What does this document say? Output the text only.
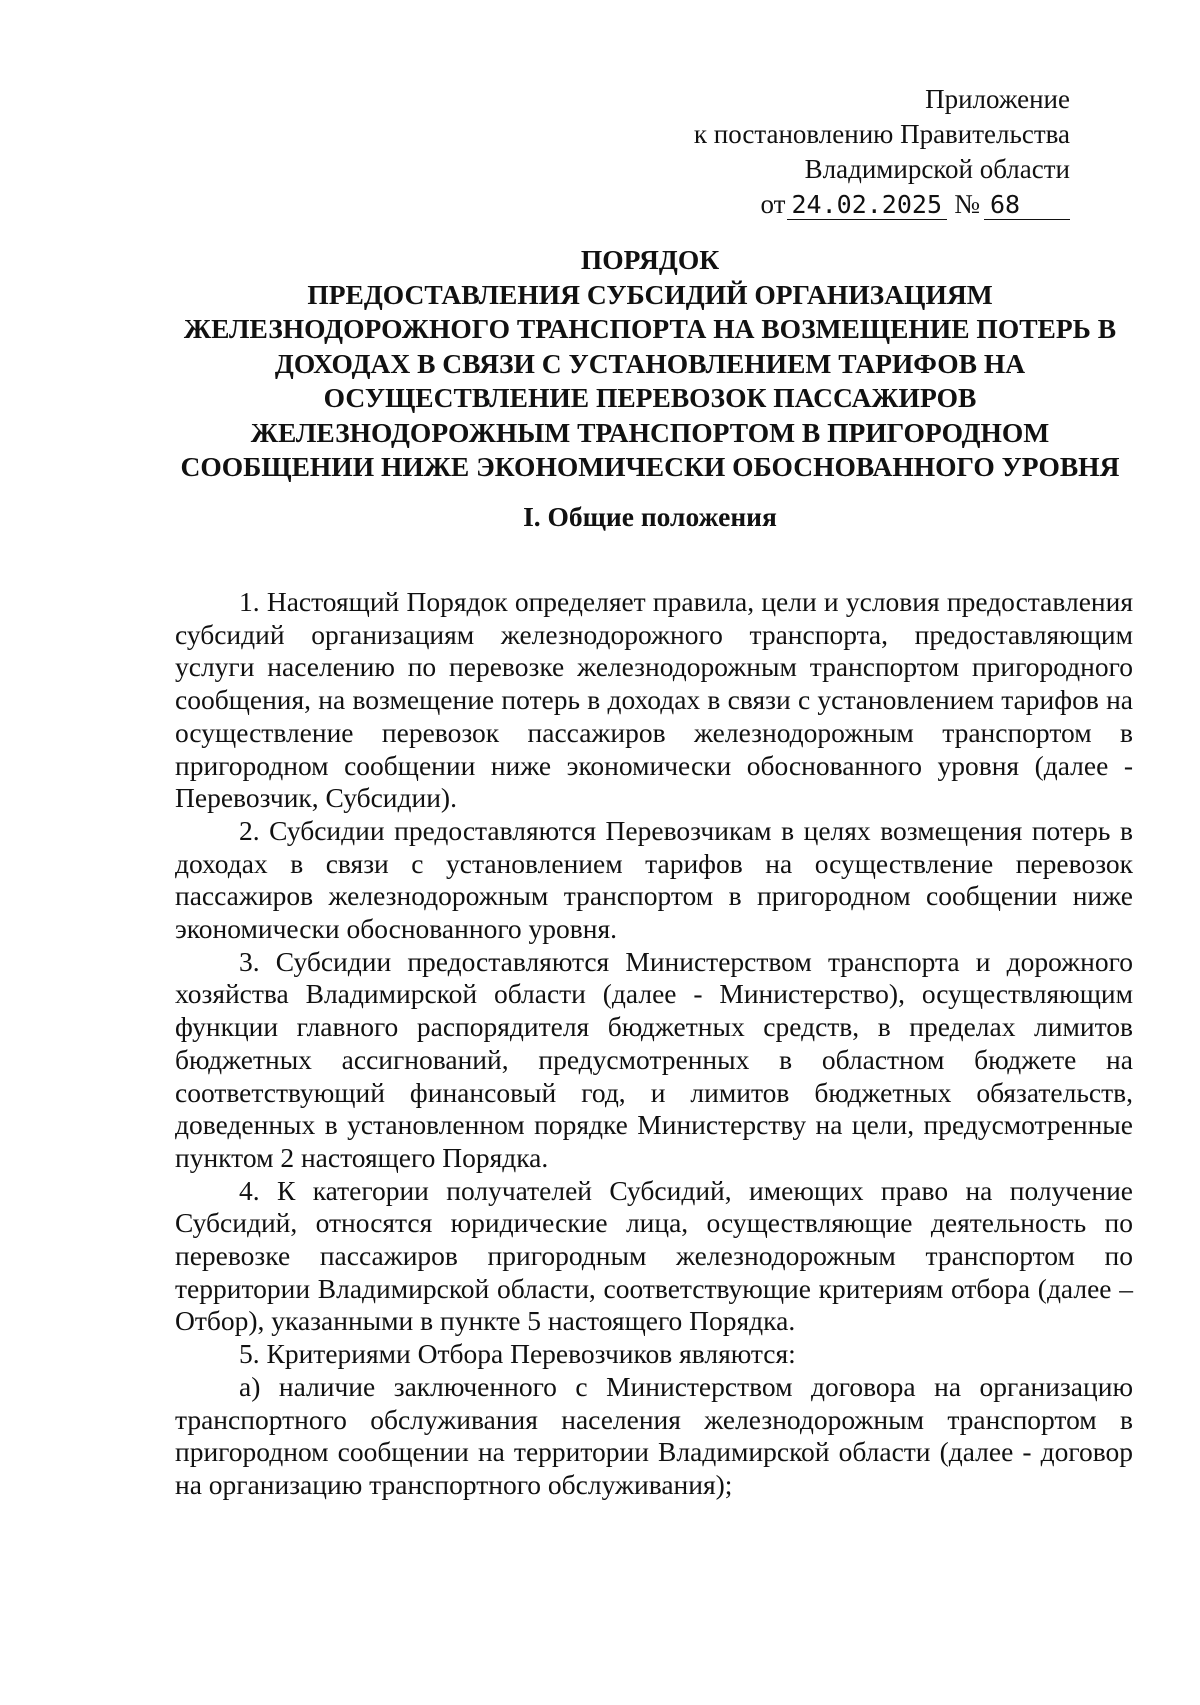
Приложение
к постановлению Правительства
Владимирской области
от 24.02.2025 № 68
ПОРЯДОК
ПРЕДОСТАВЛЕНИЯ СУБСИДИЙ ОРГАНИЗАЦИЯМ
ЖЕЛЕЗНОДОРОЖНОГО ТРАНСПОРТА НА ВОЗМЕЩЕНИЕ ПОТЕРЬ В
ДОХОДАХ В СВЯЗИ С УСТАНОВЛЕНИЕМ ТАРИФОВ НА
ОСУЩЕСТВЛЕНИЕ ПЕРЕВОЗОК ПАССАЖИРОВ
ЖЕЛЕЗНОДОРОЖНЫМ ТРАНСПОРТОМ В ПРИГОРОДНОМ
СООБЩЕНИИ НИЖЕ ЭКОНОМИЧЕСКИ ОБОСНОВАННОГО УРОВНЯ
I. Общие положения

1. Настоящий Порядок определяет правила, цели и условия предоставления субсидий организациям железнодорожного транспорта, предоставляющим услуги населению по перевозке железнодорожным транспортом пригородного сообщения, на возмещение потерь в доходах в связи с установлением тарифов на осуществление перевозок пассажиров железнодорожным транспортом в пригородном сообщении ниже экономически обоснованного уровня (далее - Перевозчик, Субсидии).

2. Субсидии предоставляются Перевозчикам в целях возмещения потерь в доходах в связи с установлением тарифов на осуществление перевозок пассажиров железнодорожным транспортом в пригородном сообщении ниже экономически обоснованного уровня.

3. Субсидии предоставляются Министерством транспорта и дорожного хозяйства Владимирской области (далее - Министерство), осуществляющим функции главного распорядителя бюджетных средств, в пределах лимитов бюджетных ассигнований, предусмотренных в областном бюджете на соответствующий финансовый год, и лимитов бюджетных обязательств, доведенных в установленном порядке Министерству на цели, предусмотренные пунктом 2 настоящего Порядка.

4. К категории получателей Субсидий, имеющих право на получение Субсидий, относятся юридические лица, осуществляющие деятельность по перевозке пассажиров пригородным железнодорожным транспортом по территории Владимирской области, соответствующие критериям отбора (далее – Отбор), указанными в пункте 5 настоящего Порядка.

5. Критериями Отбора Перевозчиков являются:

а) наличие заключенного с Министерством договора на организацию транспортного обслуживания населения железнодорожным транспортом в пригородном сообщении на территории Владимирской области (далее - договор на организацию транспортного обслуживания);
